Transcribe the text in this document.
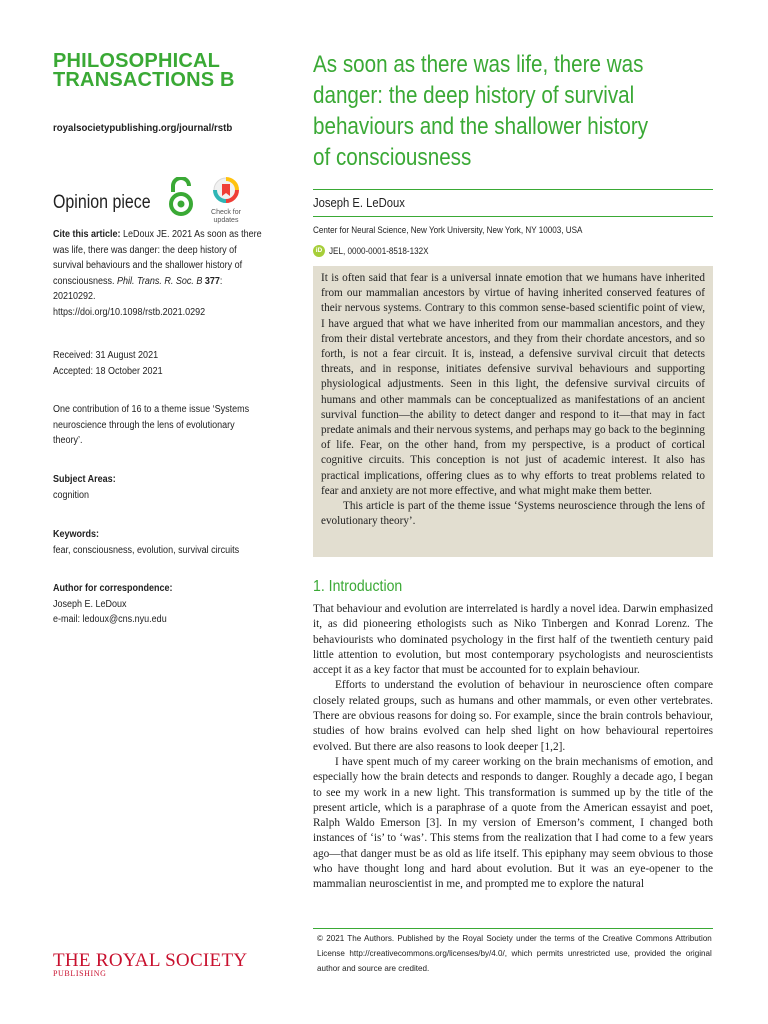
PHILOSOPHICAL
TRANSACTIONS B
royalsocietypublishing.org/journal/rstb
Opinion piece	Check for
updates
Cite this article: LeDoux JE. 2021 As soon as there was life, there was danger: the deep history of survival behaviours and the shallower history of consciousness. Phil. Trans. R. Soc. B 377: 20210292.
https://doi.org/10.1098/rstb.2021.0292
Received: 31 August 2021
Accepted: 18 October 2021
One contribution of 16 to a theme issue ‘Systems neuroscience through the lens of evolutionary theory’.
Subject Areas:
cognition
Keywords:
fear, consciousness, evolution, survival circuits
Author for correspondence:
Joseph E. LeDoux
e-mail: ledoux@cns.nyu.edu
As soon as there was life, there was
danger: the deep history of survival
behaviours and the shallower history
of consciousness
Joseph E. LeDoux
Center for Neural Science, New York University, New York, NY 10003, USA
iD JEL, 0000-0001-8518-132X

It is often said that fear is a universal innate emotion that we humans have inherited from our mammalian ancestors by virtue of having inherited conserved features of their nervous systems. Contrary to this common sense-based scientific point of view, I have argued that what we have inherited from our mammalian ancestors, and they from their distal vertebrate ancestors, and they from their chordate ancestors, and so forth, is not a fear circuit. It is, instead, a defensive survival circuit that detects threats, and in response, initiates defensive survival behaviours and supporting physiological adjustments. Seen in this light, the defensive survival circuits of humans and other mammals can be conceptualized as manifestations of an ancient survival function—the ability to detect danger and respond to it—that may in fact predate animals and their nervous systems, and perhaps may go back to the beginning of life. Fear, on the other hand, from my perspective, is a product of cortical cognitive circuits. This conception is not just of academic interest. It also has practical implications, offering clues as to why efforts to treat problems related to fear and anxiety are not more effective, and what might make them better.

This article is part of the theme issue ‘Systems neuroscience through the lens of evolutionary theory’.

1. Introduction

That behaviour and evolution are interrelated is hardly a novel idea. Darwin emphasized it, as did pioneering ethologists such as Niko Tinbergen and Konrad Lorenz. The behaviourists who dominated psychology in the first half of the twentieth century paid little attention to evolution, but most contemporary psychologists and neuroscientists accept it as a key factor that must be accounted for to explain behaviour.

Efforts to understand the evolution of behaviour in neuroscience often compare closely related groups, such as humans and other mammals, or even other vertebrates. There are obvious reasons for doing so. For example, since the brain controls behaviour, studies of how brains evolved can help shed light on how behavioural repertoires evolved. But there are also reasons to look deeper [1,2].

I have spent much of my career working on the brain mechanisms of emotion, and especially how the brain detects and responds to danger. Roughly a decade ago, I began to see my work in a new light. This transformation is summed up by the title of the present article, which is a paraphrase of a quote from the American essayist and poet, Ralph Waldo Emerson [3]. In my version of Emerson’s comment, I changed both instances of ‘is’ to ‘was’. This stems from the realization that I had come to a few years ago—that danger must be as old as life itself. This epiphany may seem obvious to those who have thought long and hard about evolution. But it was an eye-opener to the mammalian neuroscientist in me, and prompted me to explore the natural

© 2021 The Authors. Published by the Royal Society under the terms of the Creative Commons Attribution License http://creativecommons.org/licenses/by/4.0/, which permits unrestricted use, provided the original author and source are credited.
THE ROYAL SOCIETY
PUBLISHING
